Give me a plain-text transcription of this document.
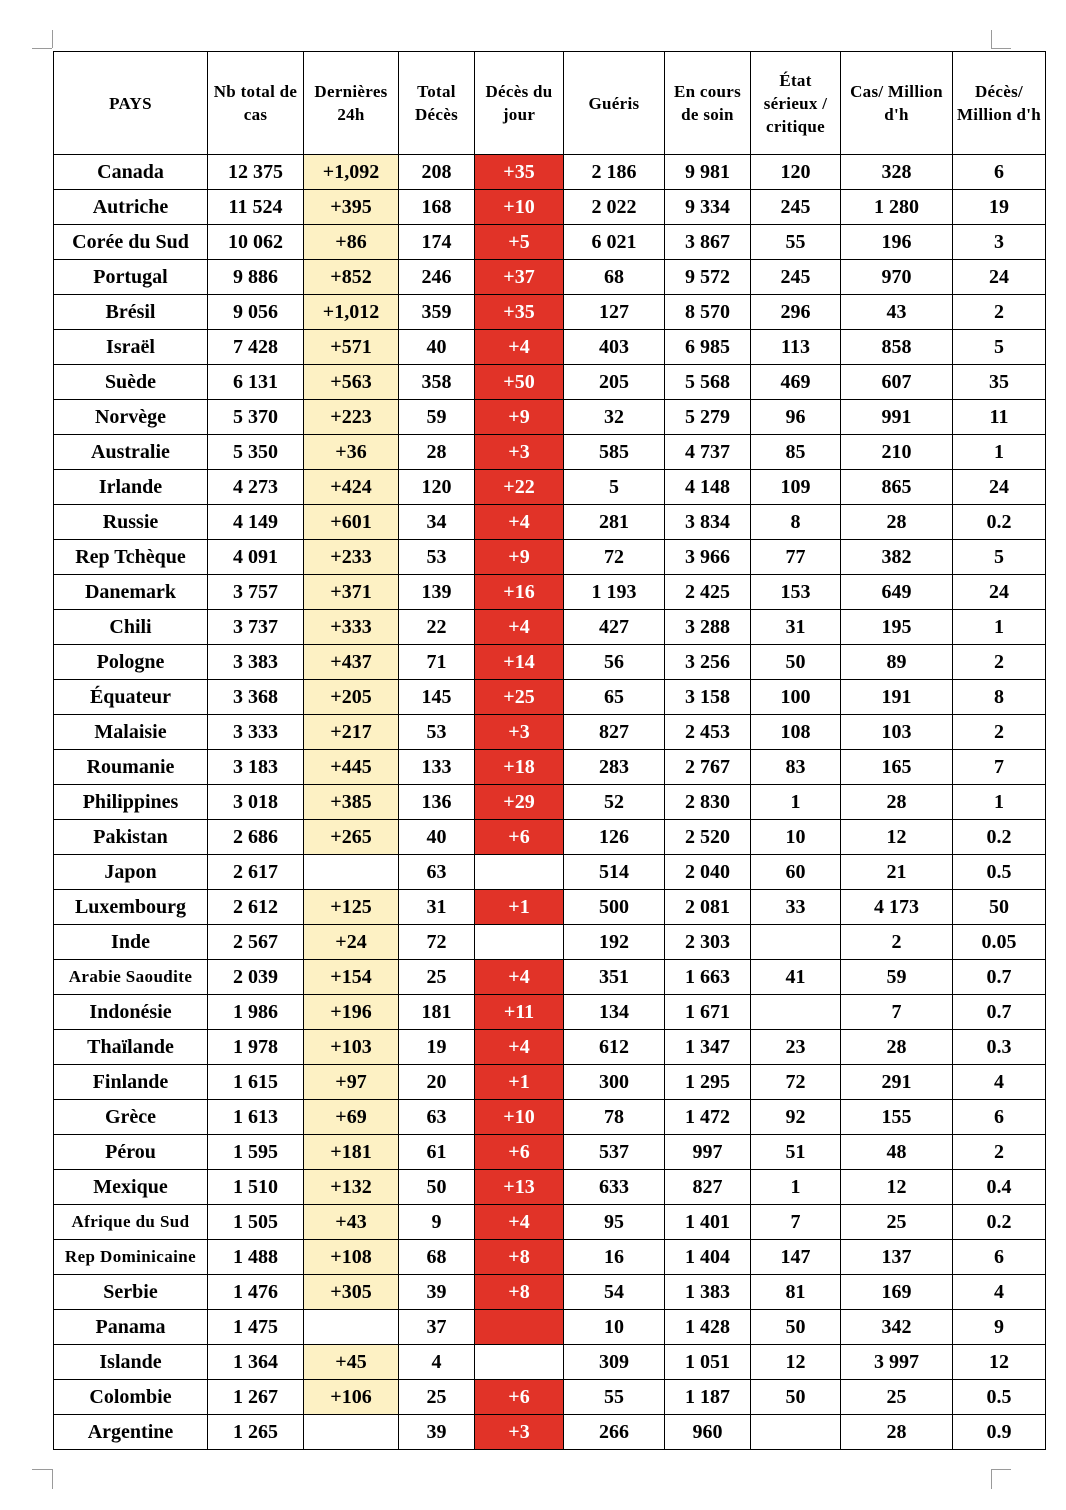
PAYS	Nb total de cas	Dernières 24h	Total Décès	Décès du jour	Guéris	En cours de soin	État sérieux / critique	Cas/ Million d'h	Décès/ Million d'h
Canada	12 375	+1,092	208	+35	2 186	9 981	120	328	6
Autriche	11 524	+395	168	+10	2 022	9 334	245	1 280	19
Corée du Sud	10 062	+86	174	+5	6 021	3 867	55	196	3
Portugal	9 886	+852	246	+37	68	9 572	245	970	24
Brésil	9 056	+1,012	359	+35	127	8 570	296	43	2
Israël	7 428	+571	40	+4	403	6 985	113	858	5
Suède	6 131	+563	358	+50	205	5 568	469	607	35
Norvège	5 370	+223	59	+9	32	5 279	96	991	11
Australie	5 350	+36	28	+3	585	4 737	85	210	1
Irlande	4 273	+424	120	+22	5	4 148	109	865	24
Russie	4 149	+601	34	+4	281	3 834	8	28	0.2
Rep Tchèque	4 091	+233	53	+9	72	3 966	77	382	5
Danemark	3 757	+371	139	+16	1 193	2 425	153	649	24
Chili	3 737	+333	22	+4	427	3 288	31	195	1
Pologne	3 383	+437	71	+14	56	3 256	50	89	2
Équateur	3 368	+205	145	+25	65	3 158	100	191	8
Malaisie	3 333	+217	53	+3	827	2 453	108	103	2
Roumanie	3 183	+445	133	+18	283	2 767	83	165	7
Philippines	3 018	+385	136	+29	52	2 830	1	28	1
Pakistan	2 686	+265	40	+6	126	2 520	10	12	0.2
Japon	2 617		63		514	2 040	60	21	0.5
Luxembourg	2 612	+125	31	+1	500	2 081	33	4 173	50
Inde	2 567	+24	72		192	2 303		2	0.05
Arabie Saoudite	2 039	+154	25	+4	351	1 663	41	59	0.7
Indonésie	1 986	+196	181	+11	134	1 671		7	0.7
Thaïlande	1 978	+103	19	+4	612	1 347	23	28	0.3
Finlande	1 615	+97	20	+1	300	1 295	72	291	4
Grèce	1 613	+69	63	+10	78	1 472	92	155	6
Pérou	1 595	+181	61	+6	537	997	51	48	2
Mexique	1 510	+132	50	+13	633	827	1	12	0.4
Afrique du Sud	1 505	+43	9	+4	95	1 401	7	25	0.2
Rep Dominicaine	1 488	+108	68	+8	16	1 404	147	137	6
Serbie	1 476	+305	39	+8	54	1 383	81	169	4
Panama	1 475		37		10	1 428	50	342	9
Islande	1 364	+45	4		309	1 051	12	3 997	12
Colombie	1 267	+106	25	+6	55	1 187	50	25	0.5
Argentine	1 265		39	+3	266	960		28	0.9
